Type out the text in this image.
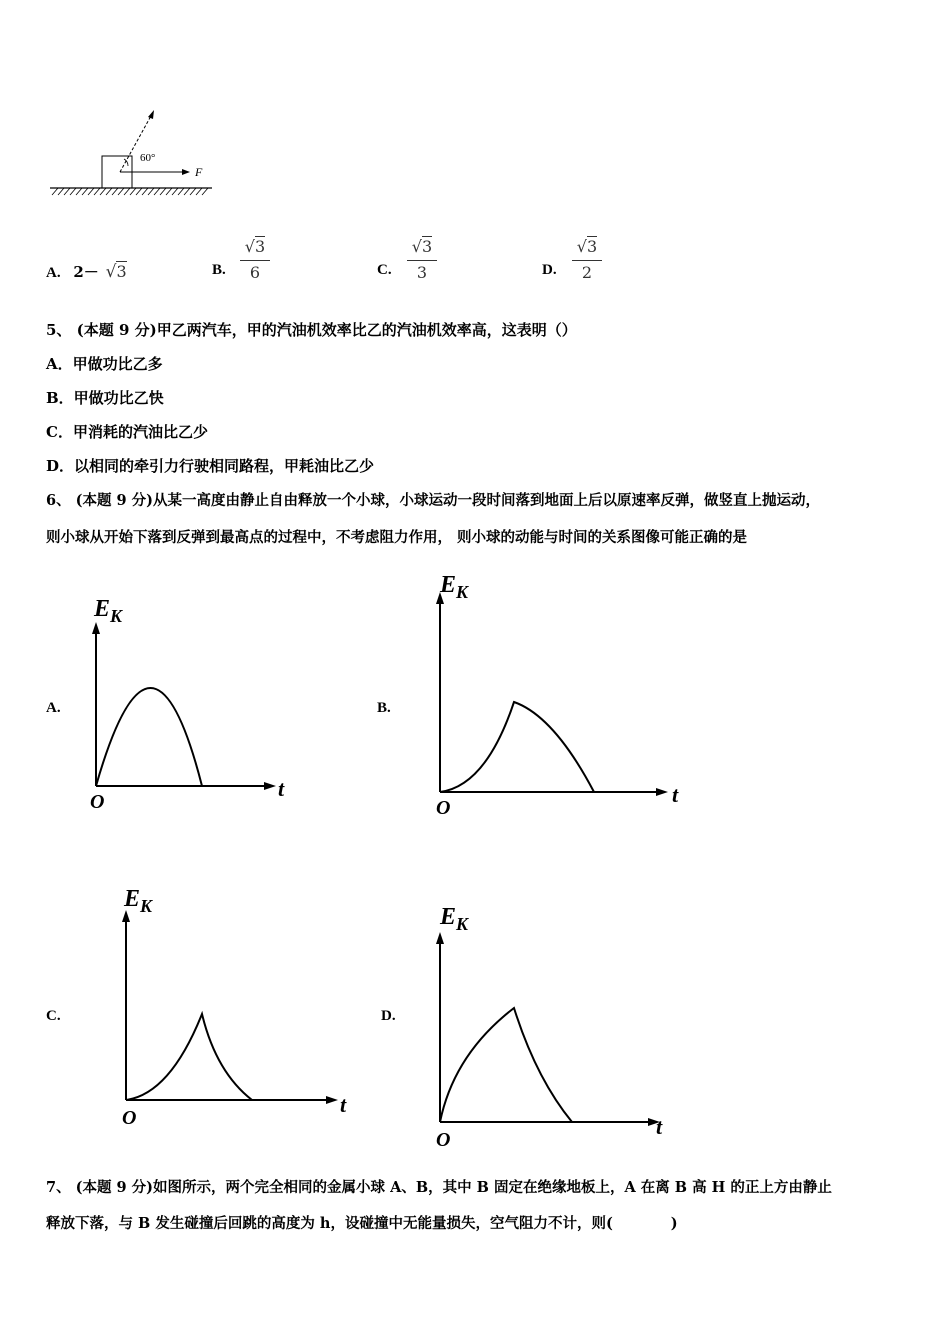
60°
F
A. 2－ √3	B.
√3
6	C.
√3
3	D.
√3
2
5、 (本题 9 分)甲乙两汽车，甲的汽油机效率比乙的汽油机效率高，这表明（）
A．甲做功比乙多
B．甲做功比乙快
C．甲消耗的汽油比乙少
D．以相同的牵引力行驶相同路程，甲耗油比乙少
6、 (本题 9 分)从某一高度由静止自由释放一个小球，小球运动一段时间落到地面上后以原速率反弹，做竖直上抛运动，
则小球从开始下落到反弹到最高点的过程中，不考虑阻力作用， 则小球的动能与时间的关系图像可能正确的是
A.
$E_K$
t
O
B.
$E_K$
t
O
C.
$E_K$
t
O
D.
$E_K$
t
O
7、 (本题 9 分)如图所示，两个完全相同的金属小球 A、B，其中 B 固定在绝缘地板上，A 在离 B 高 H 的正上方由静止
释放下落，与 B 发生碰撞后回跳的高度为 h，设碰撞中无能量损失，空气阻力不计，则(　　　　)
